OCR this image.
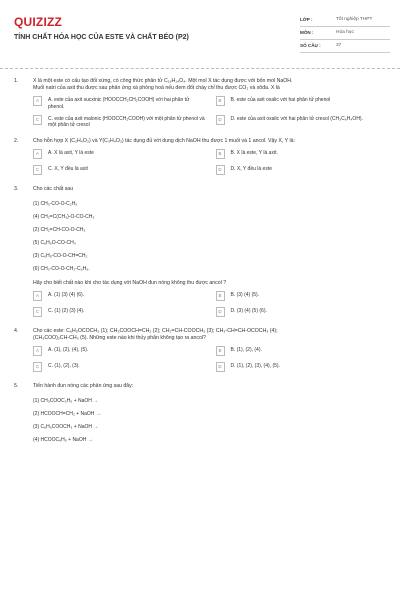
QUIZIZZ
TÍNH CHẤT HÓA HỌC CỦA ESTE VÀ CHẤT BÉO (P2)
LỚP :	Tốt nghiệp THPT
MÔN :	Hóa học
SỐ CÂU :	37
1.	X là một este có cấu tạo đối xứng, có công thức phân tử C₁₆H₁₄O₄. Một mol X tác dụng được với bốn mol NaOH.
Muối natri của axit thu được sau phản ứng xà phòng hoá nếu đem đốt cháy chỉ thu được CO₂ và xôđa. X là
A	A. este của axit sucxinic (HOOCCH₂CH₂COOH) với hai phân tử phenol.
B	B. este của axit oxalic với hai phân tử phenol
C	C. este của axit malonic (HOOCCH₂COOH) với một phân tử phenol và một phân tử cresol
D	D. este của axit oxalic với hai phân tử cresol (CH₃C₆H₄OH).
2.	Cho hỗn hợp X (C₂H₄O₂) và Y(C₃H₄O₂) tác dụng đủ với dung dịch NaOH thu được 1 muối và 1 ancol. Vậy X, Y là:
A	A. X là axit, Y là este	B	B. X là este, Y là axit.
C	C. X, Y đều là axit	D	D. X, Y đều là este
3.	Cho các chất sau
(1) CH₃-CO-O-C₂H₅
(4) CH₂=C(CH₃)-O-CO-CH₃
(2) CH₂=CH-CO-O-CH₃
(5) C₆H₅O-CO-CH₃
(3) C₆H₅-CO-O-CH=CH₂
(6) CH₃-CO-O-CH₂-C₆H₅.
Hãy cho biết chất nào khi cho tác dụng với NaOH đun nóng không thu được ancol ?
A	A. (1) (3) (4) (6).	B	B. (3) (4) (5).
C	C. (1) (2) (3) (4).	D	D. (3) (4) (5) (6).
4.	Cho các este: C₆H₅OCOCH₃ (1); CH₃COOCH=CH₂ (2); CH₂=CH-COOCH₃ (3); CH₃-CH=CH-OCOCH₃ (4);
(CH₃COO)₂CH-CH₃ (5). Những este nào khi thủy phân không tạo ra ancol?
A	A. (1), (2), (4), (5).	B	B. (1), (2), (4).
C	C. (1), (2), (3).	D	D. (1), (2), (3), (4), (5).
5.	Tiến hành đun nóng các phản ứng sau đây:
(1) CH₃COOC₂H₅ + NaOH →
(2) HCOOCH=CH₂ + NaOH →
(3) C₆H₅COOCH₃ + NaOH →
(4) HCOOC₆H₅ + NaOH →
